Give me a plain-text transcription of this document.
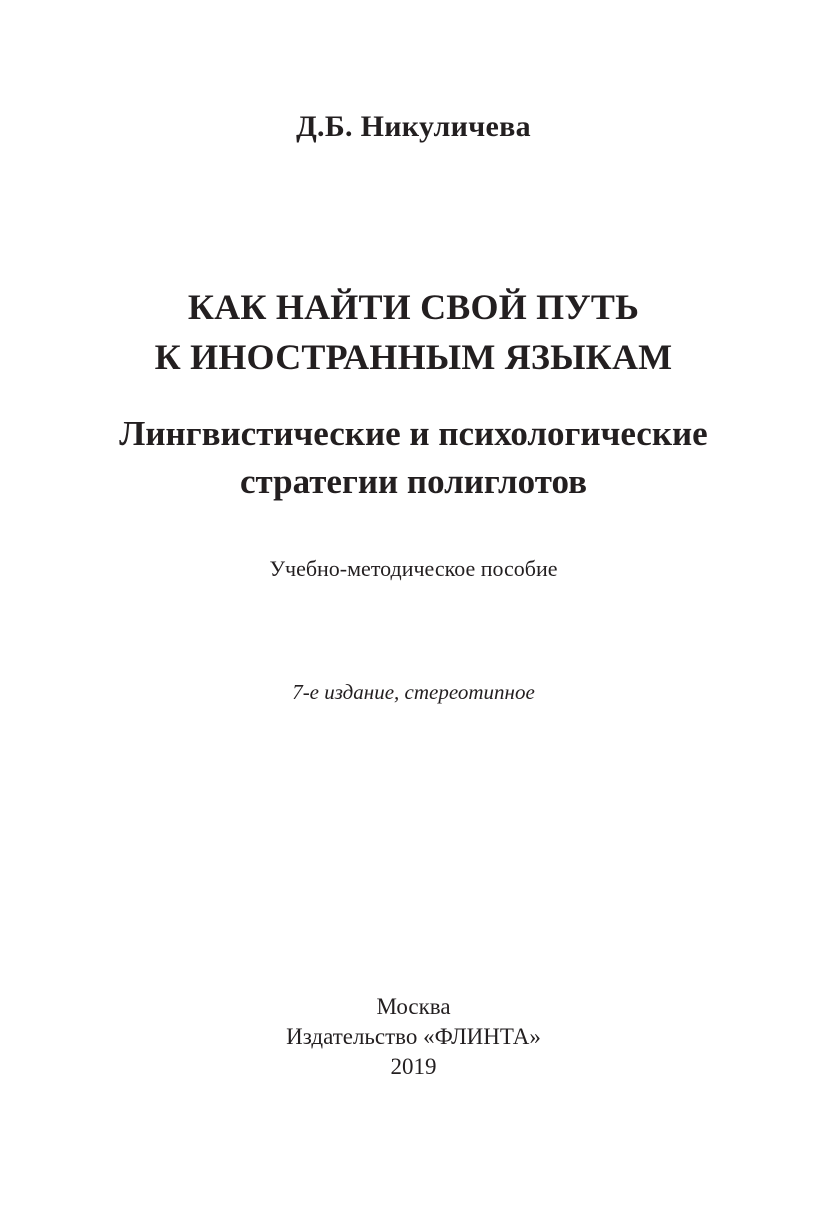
Д.Б. Никуличева
КАК НАЙТИ СВОЙ ПУТЬ
К ИНОСТРАННЫМ ЯЗЫКАМ
Лингвистические и психологические
стратегии полиглотов
Учебно-методическое пособие
7-е издание, стереотипное
Москва
Издательство «ФЛИНТА»
2019
